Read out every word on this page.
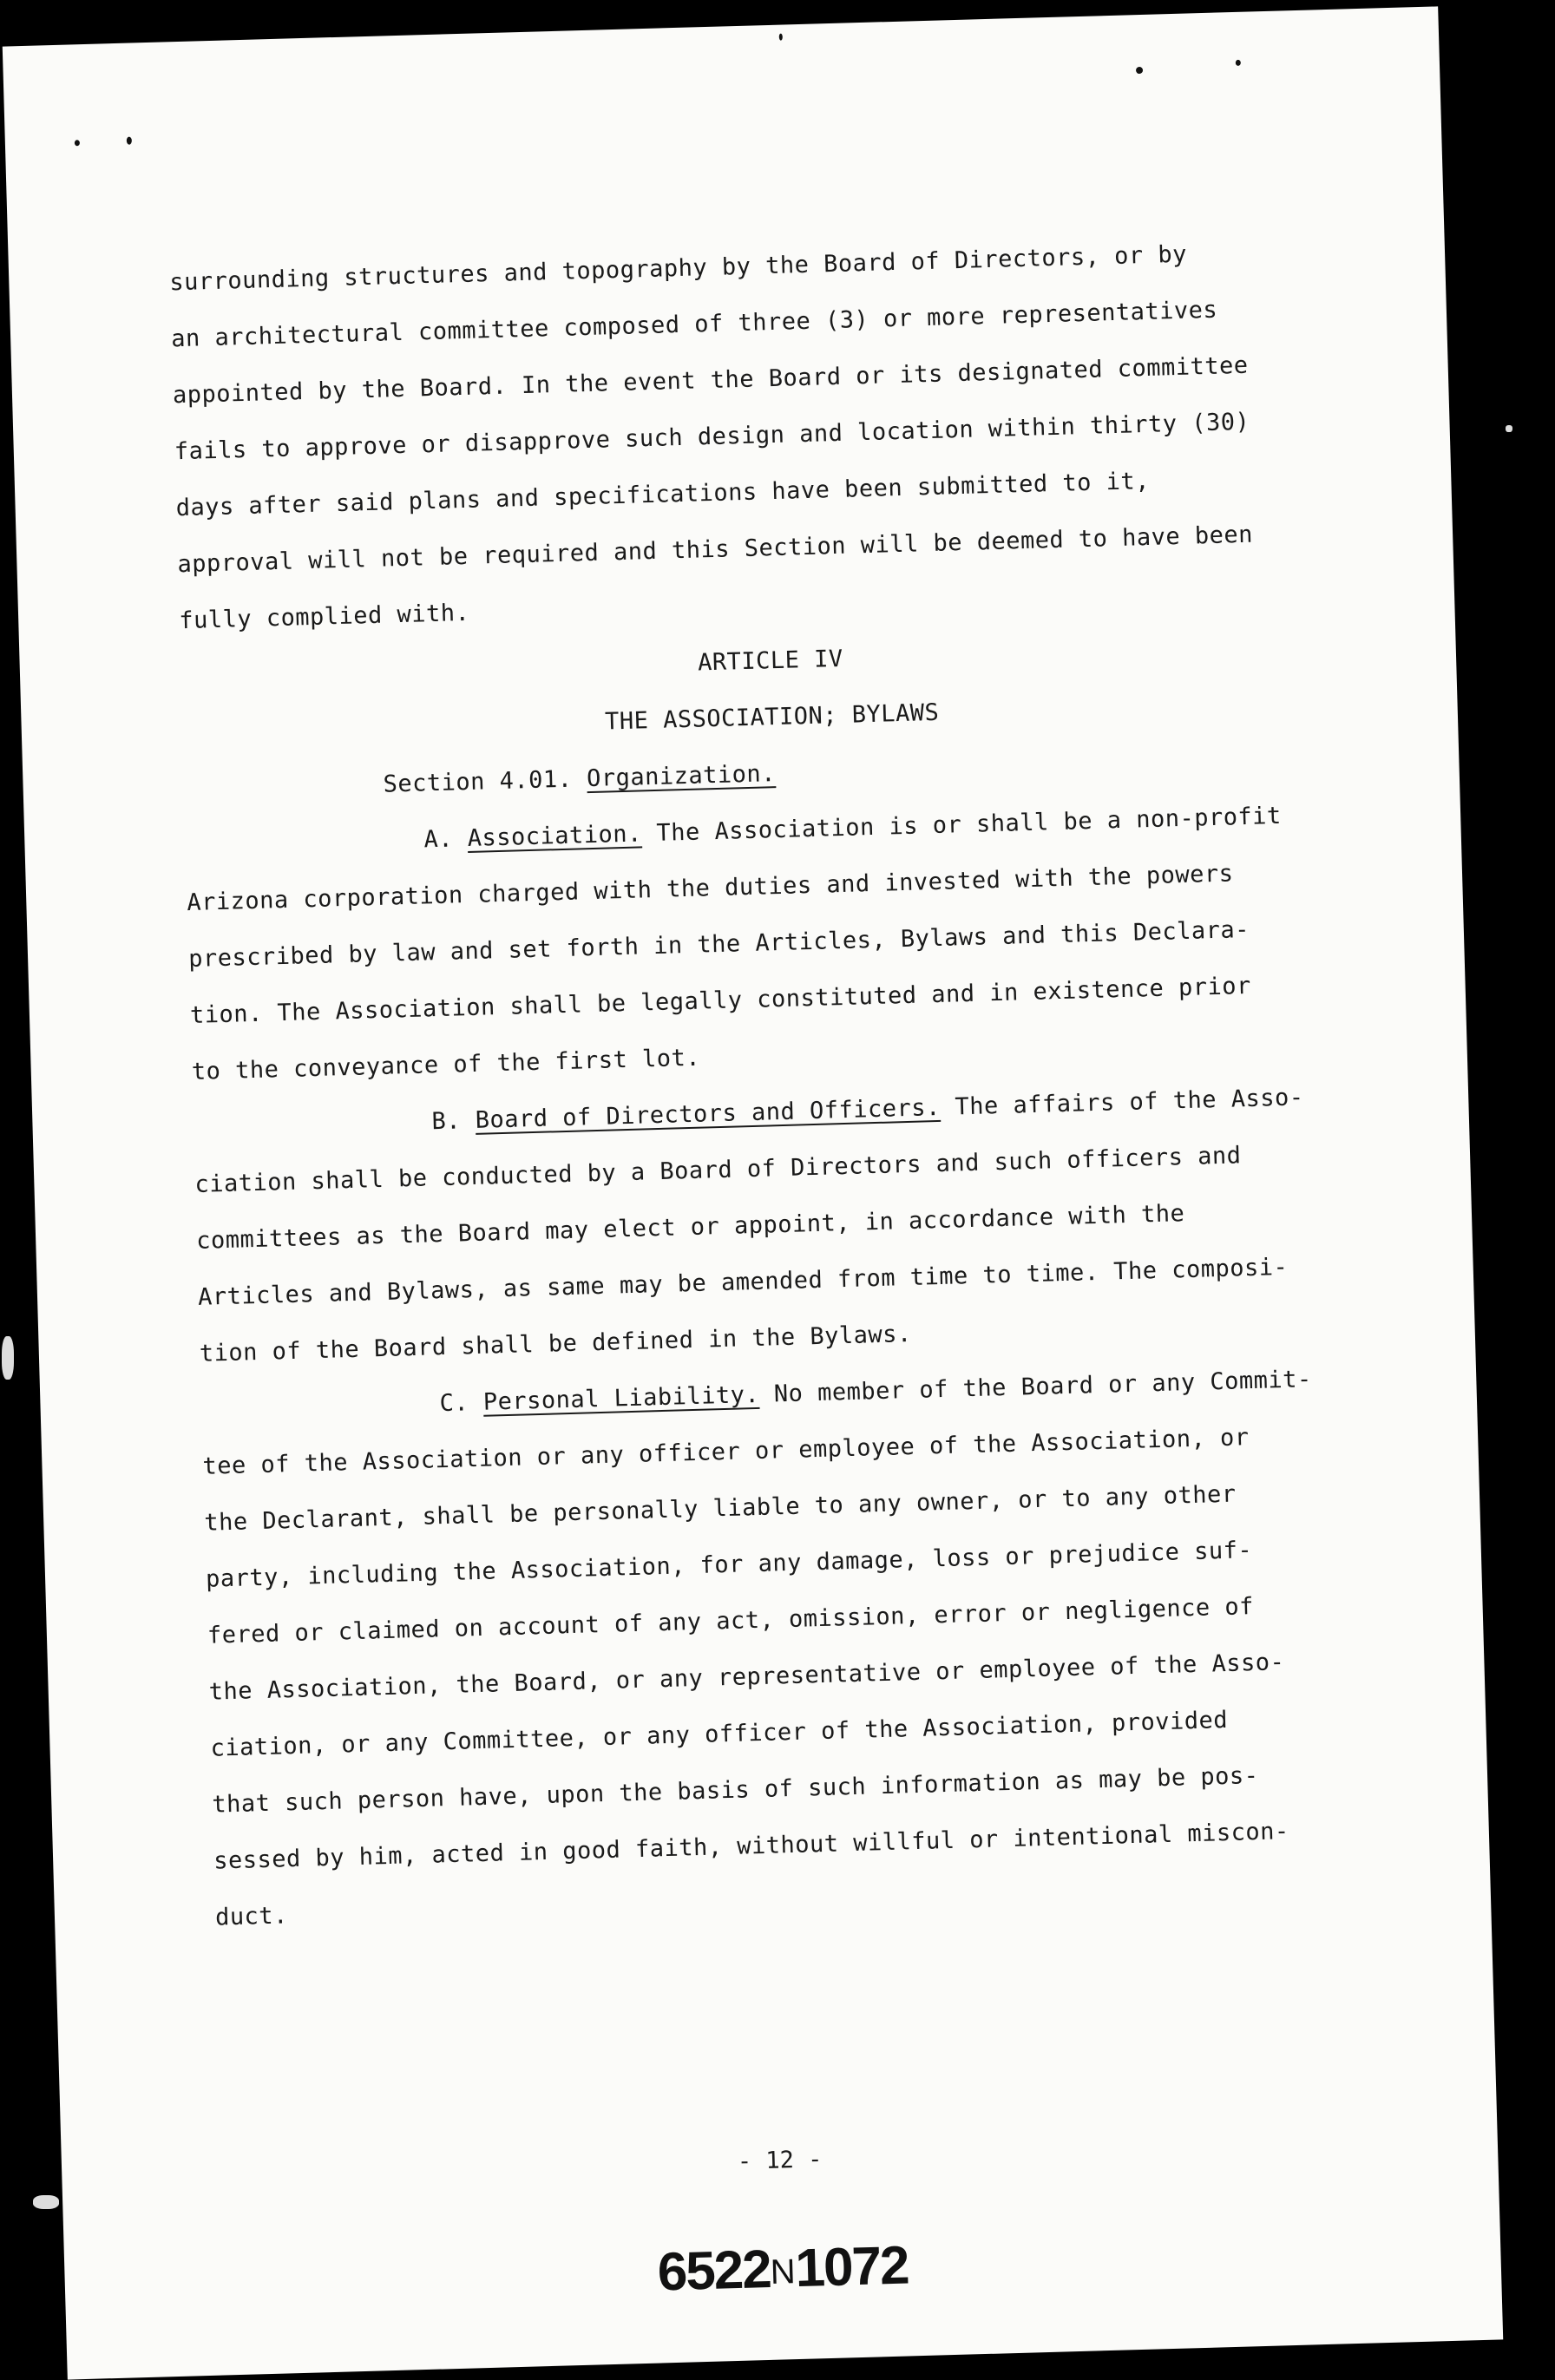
surrounding structures and topography by the Board of Directors, or by
an architectural committee composed of three (3) or more representatives
appointed by the Board. In the event the Board or its designated committee
fails to approve or disapprove such design and location within thirty (30)
days after said plans and specifications have been submitted to it,
approval will not be required and this Section will be deemed to have been
fully complied with.
ARTICLE IV
THE ASSOCIATION; BYLAWS
Section 4.01. Organization.
A. Association. The Association is or shall be a non-profit
Arizona corporation charged with the duties and invested with the powers
prescribed by law and set forth in the Articles, Bylaws and this Declara-
tion. The Association shall be legally constituted and in existence prior
to the conveyance of the first lot.
B. Board of Directors and Officers. The affairs of the Asso-
ciation shall be conducted by a Board of Directors and such officers and
committees as the Board may elect or appoint, in accordance with the
Articles and Bylaws, as same may be amended from time to time. The composi-
tion of the Board shall be defined in the Bylaws.
C. Personal Liability. No member of the Board or any Commit-
tee of the Association or any officer or employee of the Association, or
the Declarant, shall be personally liable to any owner, or to any other
party, including the Association, for any damage, loss or prejudice suf-
fered or claimed on account of any act, omission, error or negligence of
the Association, the Board, or any representative or employee of the Asso-
ciation, or any Committee, or any officer of the Association, provided
that such person have, upon the basis of such information as may be pos-
sessed by him, acted in good faith, without willful or intentional miscon-
duct.
- 12 -
6522N1072
